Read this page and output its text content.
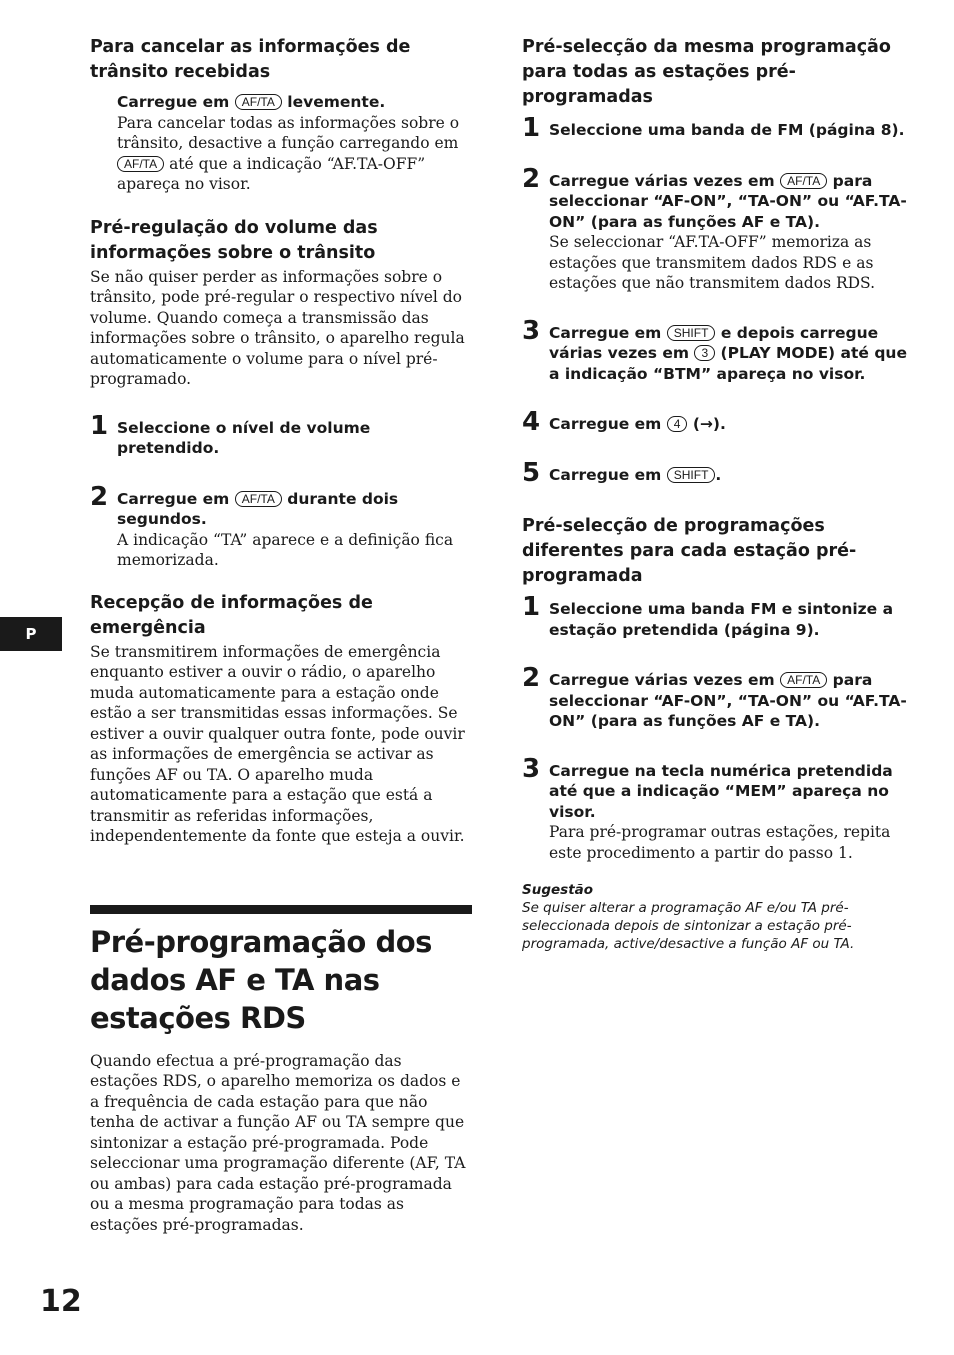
Para cancelar as informações de trânsito recebidas

Carregue em AF/TA levemente.

Para cancelar todas as informações sobre o trânsito, desactive a função carregando em AF/TA até que a indicação “AF.TA-OFF” apareça no visor.

Pré-regulação do volume das informações sobre o trânsito

Se não quiser perder as informações sobre o trânsito, pode pré-regular o respectivo nível do volume. Quando começa a transmissão das informações sobre o trânsito, o aparelho regula automaticamente o volume para o nível pré-programado.

1 Seleccione o nível de volume pretendido.

2 Carregue em AF/TA durante dois segundos.

A indicação “TA” aparece e a definição fica memorizada.

Recepção de informações de emergência

Se transmitirem informações de emergência enquanto estiver a ouvir o rádio, o aparelho muda automaticamente para a estação onde estão a ser transmitidas essas informações. Se estiver a ouvir qualquer outra fonte, pode ouvir as informações de emergência se activar as funções AF ou TA. O aparelho muda automaticamente para a estação que está a transmitir as referidas informações, independentemente da fonte que esteja a ouvir.

Pré-programação dos dados AF e TA nas estações RDS

Quando efectua a pré-programação das estações RDS, o aparelho memoriza os dados e a frequência de cada estação para que não tenha de activar a função AF ou TA sempre que sintonizar a estação pré-programada. Pode seleccionar uma programação diferente (AF, TA ou ambas) para cada estação pré-programada ou a mesma programação para todas as estações pré-programadas.

Pré-selecção da mesma programação para todas as estações pré-programadas

1 Seleccione uma banda de FM (página 8).

2 Carregue várias vezes em AF/TA para seleccionar “AF-ON”, “TA-ON” ou “AF.TA-ON” (para as funções AF e TA).

Se seleccionar “AF.TA-OFF” memoriza as estações que transmitem dados RDS e as estações que não transmitem dados RDS.

3 Carregue em SHIFT e depois carregue várias vezes em 3 (PLAY MODE) até que a indicação “BTM” apareça no visor.

4 Carregue em 4 (→).

5 Carregue em SHIFT .

Pré-selecção de programações diferentes para cada estação pré-programada

1 Seleccione uma banda FM e sintonize a estação pretendida (página 9).

2 Carregue várias vezes em AF/TA para seleccionar “AF-ON”, “TA-ON” ou “AF.TA-ON” (para as funções AF e TA).

3 Carregue na tecla numérica pretendida até que a indicação “MEM” apareça no visor.

Para pré-programar outras estações, repita este procedimento a partir do passo 1.

Sugestão

Se quiser alterar a programação AF e/ou TA pré-seleccionada depois de sintonizar a estação pré-programada, active/desactive a função AF ou TA.

P
12
